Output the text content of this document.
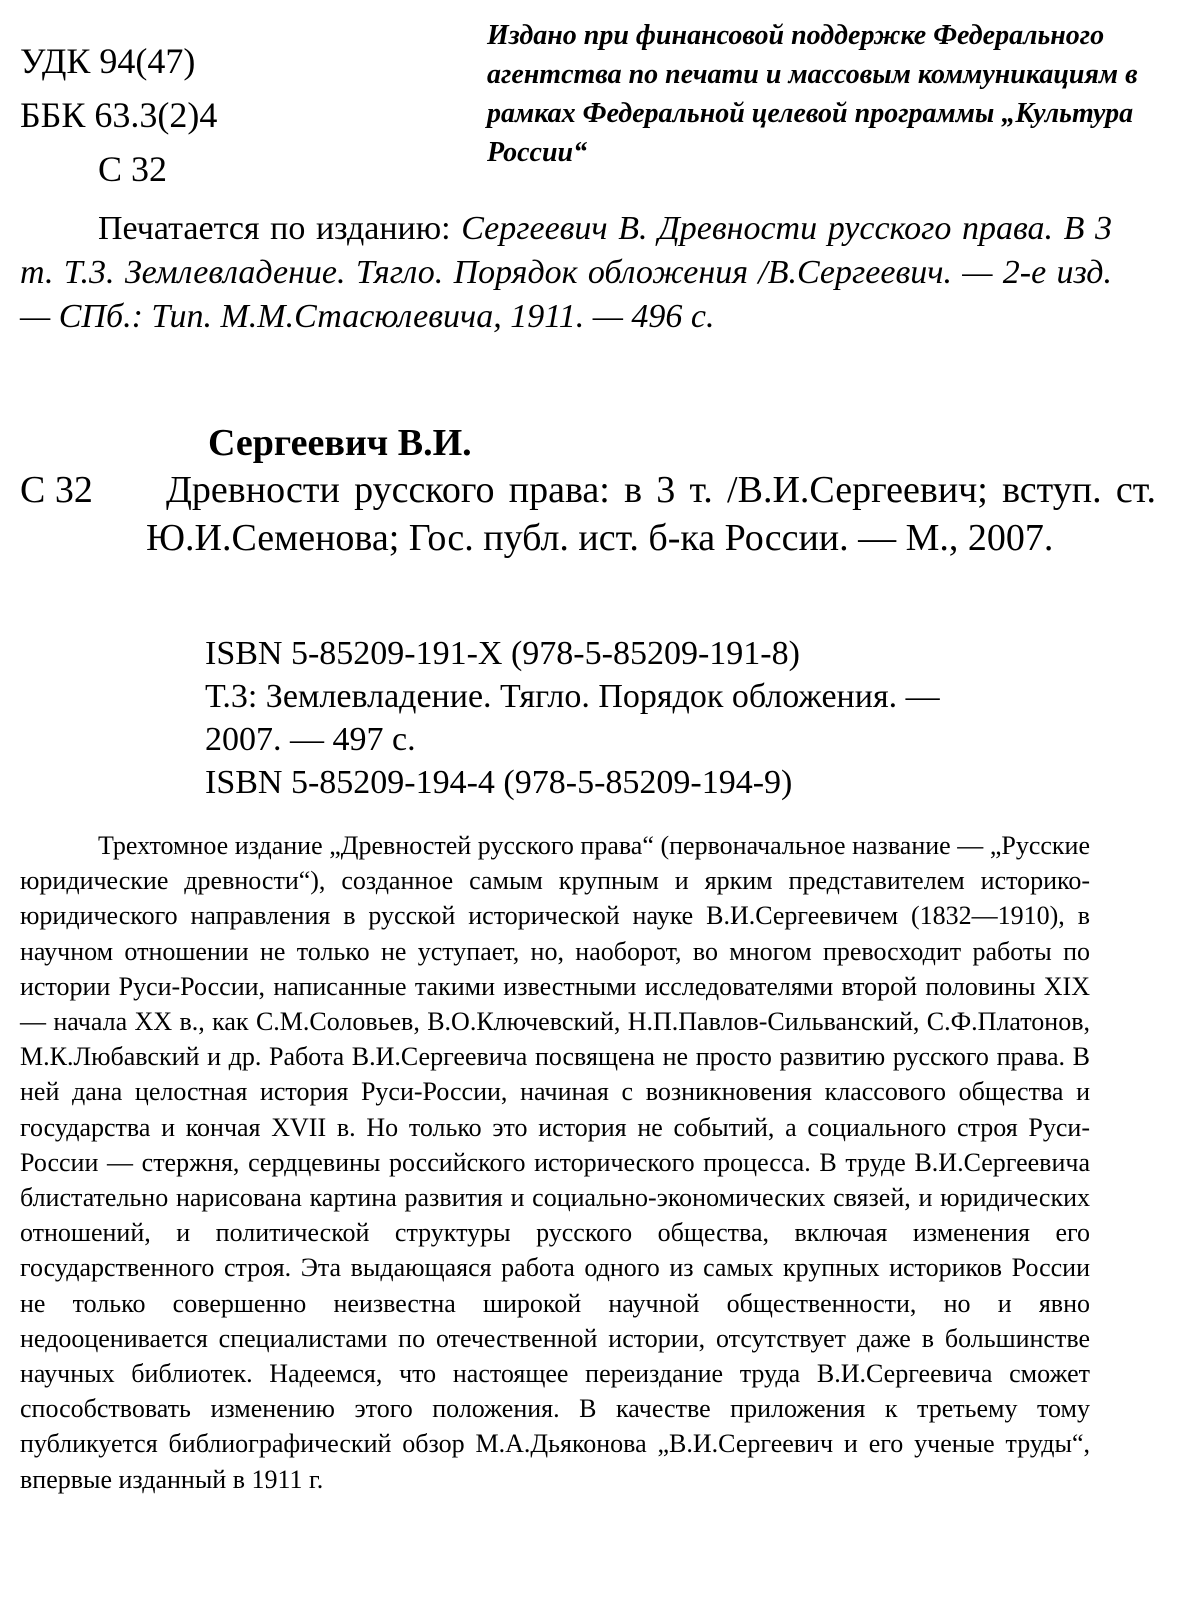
УДК 94(47)
ББК 63.3(2)4
С 32
Издано при финансовой поддержке Федерального агентства по печати и массовым коммуникациям в рамках Федеральной целевой программы „Культура России“
Печатается по изданию: Сергеевич В. Древности русского права. В 3 т. Т.3. Землевладение. Тягло. Порядок обложения /В.Сергеевич. — 2-е изд. — СПб.: Тип. М.М.Стасюлевича, 1911. — 496 с.
Сергеевич В.И.
С 32	Древности русского права: в 3 т. /В.И.Сергеевич; вступ. ст. Ю.И.Семенова; Гос. публ. ист. б-ка России. — М., 2007.
ISBN 5-85209-191-X (978-5-85209-191-8)
Т.3: Землевладение. Тягло. Порядок обложения. —
2007. — 497 с.
ISBN 5-85209-194-4 (978-5-85209-194-9)
Трехтомное издание „Древностей русского права“ (первоначальное название — „Русские юридические древности“), созданное самым крупным и ярким представителем историко-юридического направления в русской исторической науке В.И.Сергеевичем (1832—1910), в научном отношении не только не уступает, но, наоборот, во многом превосходит работы по истории Руси-России, написанные такими известными исследователями второй половины XIX — начала XX в., как С.М.Соловьев, В.О.Ключевский, Н.П.Павлов-Сильванский, С.Ф.Платонов, М.К.Любавский и др. Работа В.И.Сергеевича посвящена не просто развитию русского права. В ней дана целостная история Руси-России, начиная с возникновения классового общества и государства и кончая XVII в. Но только это история не событий, а социального строя Руси-России — стержня, сердцевины российского исторического процесса. В труде В.И.Сергеевича блистательно нарисована картина развития и социально-экономических связей, и юридических отношений, и политической структуры русского общества, включая изменения его государственного строя. Эта выдающаяся работа одного из самых крупных историков России не только совершенно неизвестна широкой научной общественности, но и явно недооценивается специалистами по отечественной истории, отсутствует даже в большинстве научных библиотек. Надеемся, что настоящее переиздание труда В.И.Сергеевича сможет способствовать изменению этого положения. В качестве приложения к третьему тому публикуется библиографический обзор М.А.Дьяконова „В.И.Сергеевич и его ученые труды“, впервые изданный в 1911 г.
